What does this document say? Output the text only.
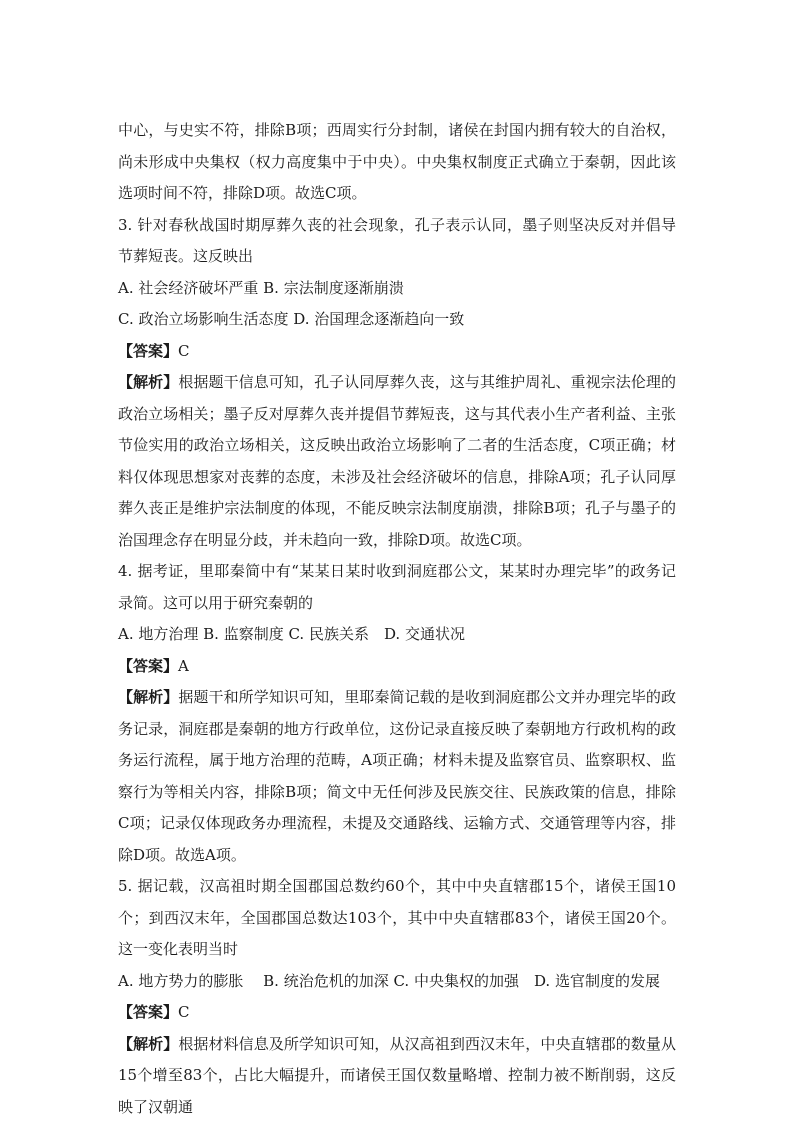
中心，与史实不符，排除B项；西周实行分封制，诸侯在封国内拥有较大的自治权，尚未形成中央集权（权力高度集中于中央）。中央集权制度正式确立于秦朝，因此该选项时间不符，排除D项。故选C项。

3. 针对春秋战国时期厚葬久丧的社会现象，孔子表示认同，墨子则坚决反对并倡导节葬短丧。这反映出

A. 社会经济破坏严重 B. 宗法制度逐渐崩溃

C. 政治立场影响生活态度 D. 治国理念逐渐趋向一致

【答案】C

【解析】根据题干信息可知，孔子认同厚葬久丧，这与其维护周礼、重视宗法伦理的政治立场相关；墨子反对厚葬久丧并提倡节葬短丧，这与其代表小生产者利益、主张节俭实用的政治立场相关，这反映出政治立场影响了二者的生活态度，C项正确；材料仅体现思想家对丧葬的态度，未涉及社会经济破坏的信息，排除A项；孔子认同厚葬久丧正是维护宗法制度的体现，不能反映宗法制度崩溃，排除B项；孔子与墨子的治国理念存在明显分歧，并未趋向一致，排除D项。故选C项。

4. 据考证，里耶秦简中有“某某日某时收到洞庭郡公文，某某时办理完毕”的政务记录简。这可以用于研究秦朝的

A. 地方治理 B. 监察制度 C. 民族关系　D. 交通状况

【答案】A

【解析】据题干和所学知识可知，里耶秦简记载的是收到洞庭郡公文并办理完毕的政务记录，洞庭郡是秦朝的地方行政单位，这份记录直接反映了秦朝地方行政机构的政务运行流程，属于地方治理的范畴，A项正确；材料未提及监察官员、监察职权、监察行为等相关内容，排除B项；简文中无任何涉及民族交往、民族政策的信息，排除C项；记录仅体现政务办理流程，未提及交通路线、运输方式、交通管理等内容，排除D项。故选A项。

5. 据记载，汉高祖时期全国郡国总数约60个，其中中央直辖郡15个，诸侯王国10个；到西汉末年，全国郡国总数达103个，其中中央直辖郡83个，诸侯王国20个。这一变化表明当时

A. 地方势力的膨胀　 B. 统治危机的加深 C. 中央集权的加强　D. 选官制度的发展

【答案】C

【解析】根据材料信息及所学知识可知，从汉高祖到西汉末年，中央直辖郡的数量从15个增至83个，占比大幅提升，而诸侯王国仅数量略增、控制力被不断削弱，这反映了汉朝通
